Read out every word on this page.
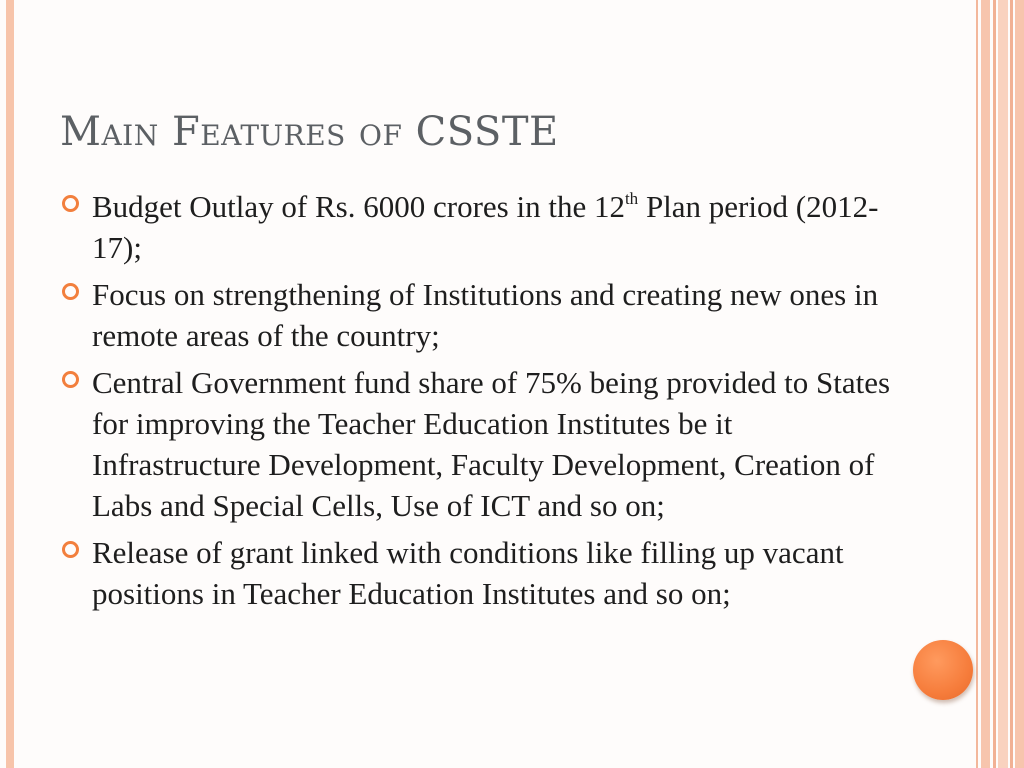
Main Features of CSSTE
Budget Outlay of Rs. 6000 crores in the 12th Plan period (2012-17);
Focus on strengthening of Institutions and creating new ones in remote areas of the country;
Central Government fund share of 75% being provided to States for improving the Teacher Education Institutes be it Infrastructure Development, Faculty Development, Creation of Labs and Special Cells, Use of ICT and so on;
Release of grant linked with conditions like filling up vacant positions in Teacher Education Institutes and so on;
